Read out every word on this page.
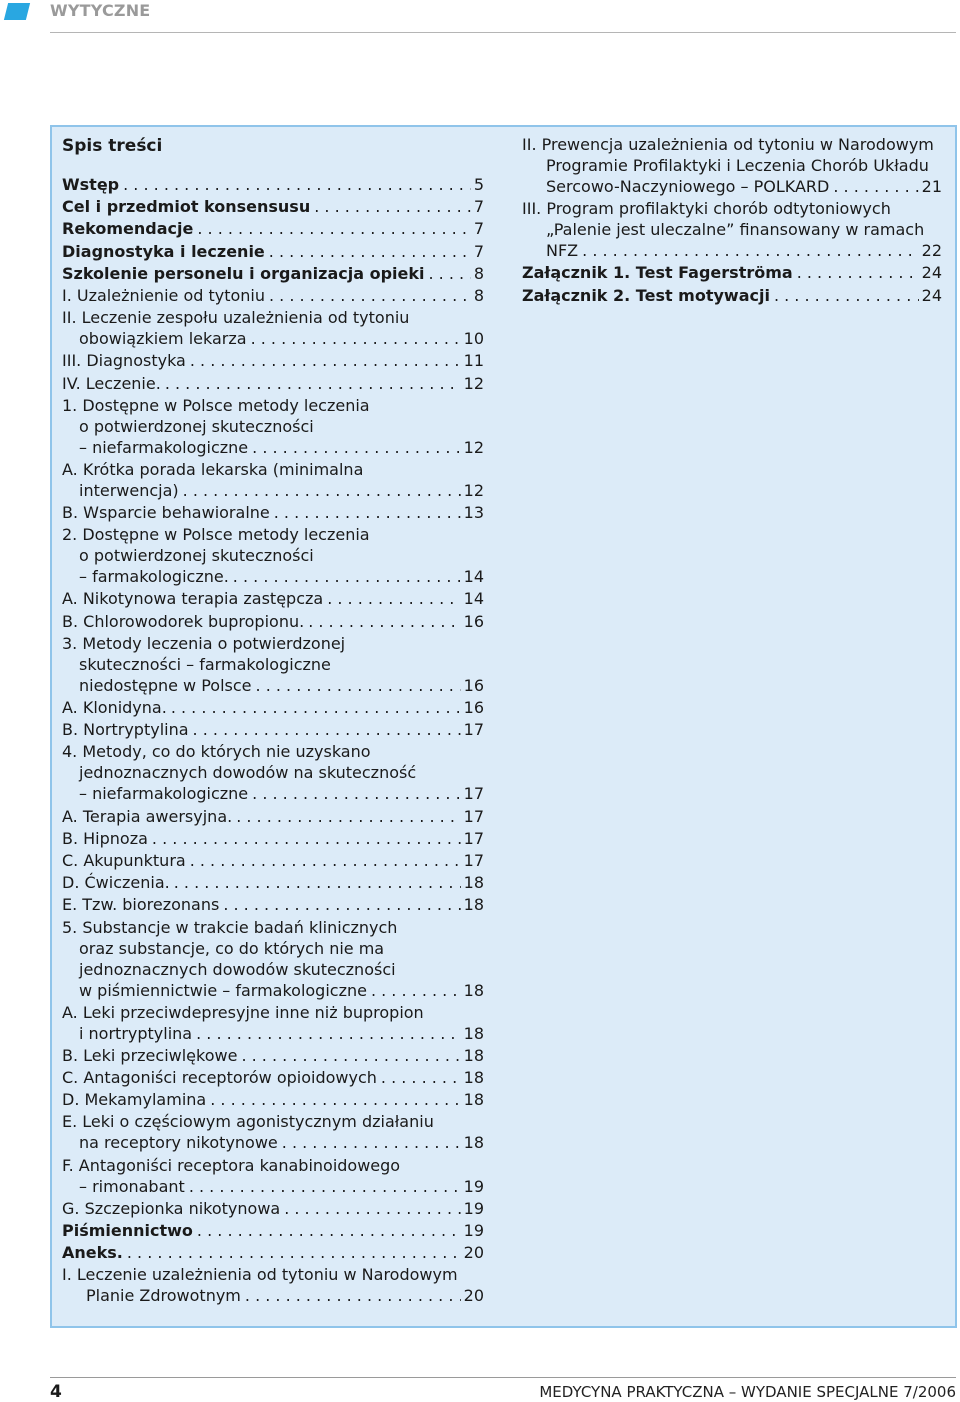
WYTYCZNE
Spis treści
Wstęp . . .	5
Cel i przedmiot konsensusu . . .	7
Rekomendacje . . .	7
Diagnostyka i leczenie . . .	7
Szkolenie personelu i organizacja opieki . . .	8
I. Uzależnienie od tytoniu . . .	8
II. Leczenie zespołu uzależnienia od tytoniu
obowiązkiem lekarza . . .	10
III. Diagnostyka . . .	11
IV. Leczenie. . . .	12
1. Dostępne w Polsce metody leczenia
o potwierdzonej skuteczności
– niefarmakologiczne . . .	12
A. Krótka porada lekarska (minimalna
interwencja) . . .	12
B. Wsparcie behawioralne . . .	13
2. Dostępne w Polsce metody leczenia
o potwierdzonej skuteczności
– farmakologiczne. . . .	14
A. Nikotynowa terapia zastępcza . . .	14
B. Chlorowodorek bupropionu. . . .	16
3. Metody leczenia o potwierdzonej
skuteczności – farmakologiczne
niedostępne w Polsce . . .	16
A. Klonidyna. . . .	16
B. Nortryptylina . . .	17
4. Metody, co do których nie uzyskano
jednoznacznych dowodów na skuteczność
– niefarmakologiczne . . .	17
A. Terapia awersyjna. . . .	17
B. Hipnoza . . .	17
C. Akupunktura . . .	17
D. Ćwiczenia. . . .	18
E. Tzw. biorezonans . . .	18
5. Substancje w trakcie badań klinicznych
oraz substancje, co do których nie ma
jednoznacznych dowodów skuteczności
w piśmiennictwie – farmakologiczne . . .	18
A. Leki przeciwdepresyjne inne niż bupropion
i nortryptylina . . .	18
B. Leki przeciwlękowe . . .	18
C. Antagoniści receptorów opioidowych . . .	18
D. Mekamylamina . . .	18
E. Leki o częściowym agonistycznym działaniu
na receptory nikotynowe . . .	18
F. Antagoniści receptora kanabinoidowego
– rimonabant . . .	19
G. Szczepionka nikotynowa . . .	19
Piśmiennictwo . . .	19
Aneks. . . .	20
I. Leczenie uzależnienia od tytoniu w Narodowym
Planie Zdrowotnym . . .	20
II. Prewencja uzależnienia od tytoniu w Narodowym
Programie Profilaktyki i Leczenia Chorób Układu
Sercowo-Naczyniowego – POLKARD . . .	21
III. Program profilaktyki chorób odtytoniowych
„Palenie jest uleczalne” finansowany w ramach
NFZ . . .	22
Załącznik 1. Test Fagerströma . . .	24
Załącznik 2. Test motywacji . . .	24
4	MEDYCYNA PRAKTYCZNA – WYDANIE SPECJALNE 7/2006
